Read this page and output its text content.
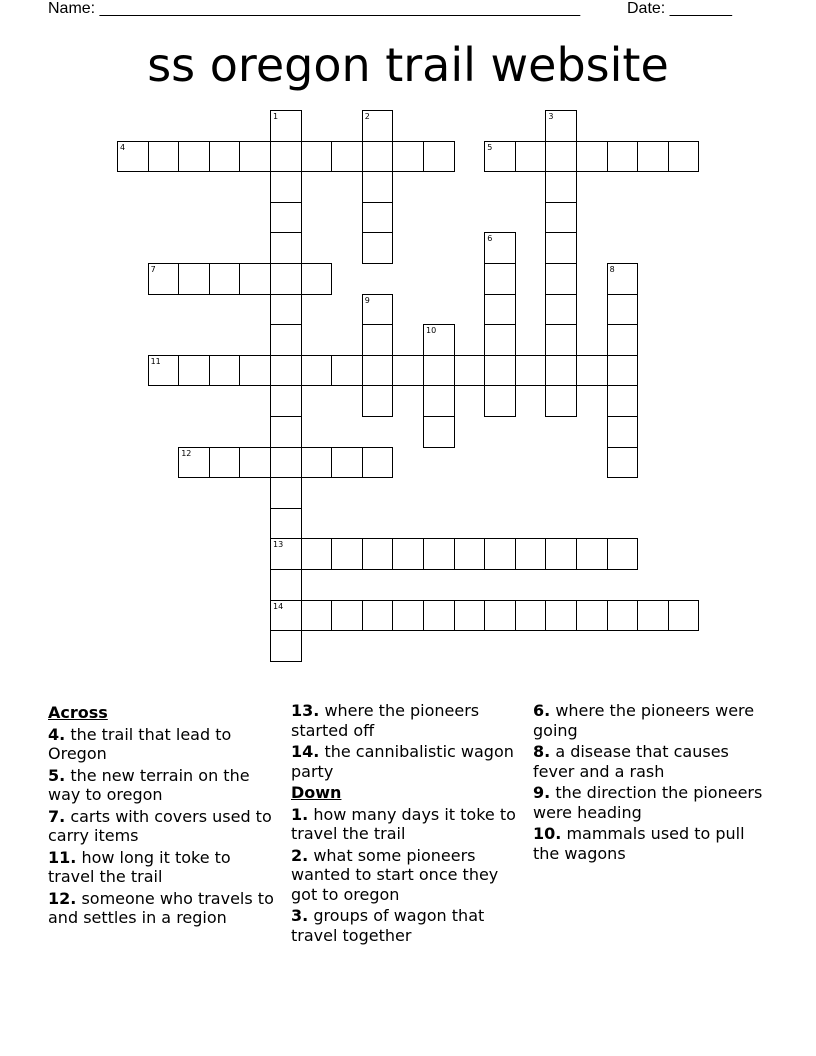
Name: ______________________________________________________	Date: _______
ss oregon trail website
1
13
14
2	3
4	5
6
7	8
9
10
11
12
Across
4. the trail that lead to Oregon
5. the new terrain on the way to oregon
7. carts with covers used to carry items
11. how long it toke to travel the trail
12. someone who travels to and settles in a region
13. where the pioneers started off
14. the cannibalistic wagon party
Down
1. how many days it toke to travel the trail
2. what some pioneers wanted to start once they got to oregon
3. groups of wagon that travel together
6. where the pioneers were going
8. a disease that causes fever and a rash
9. the direction the pioneers were heading
10. mammals used to pull the wagons
